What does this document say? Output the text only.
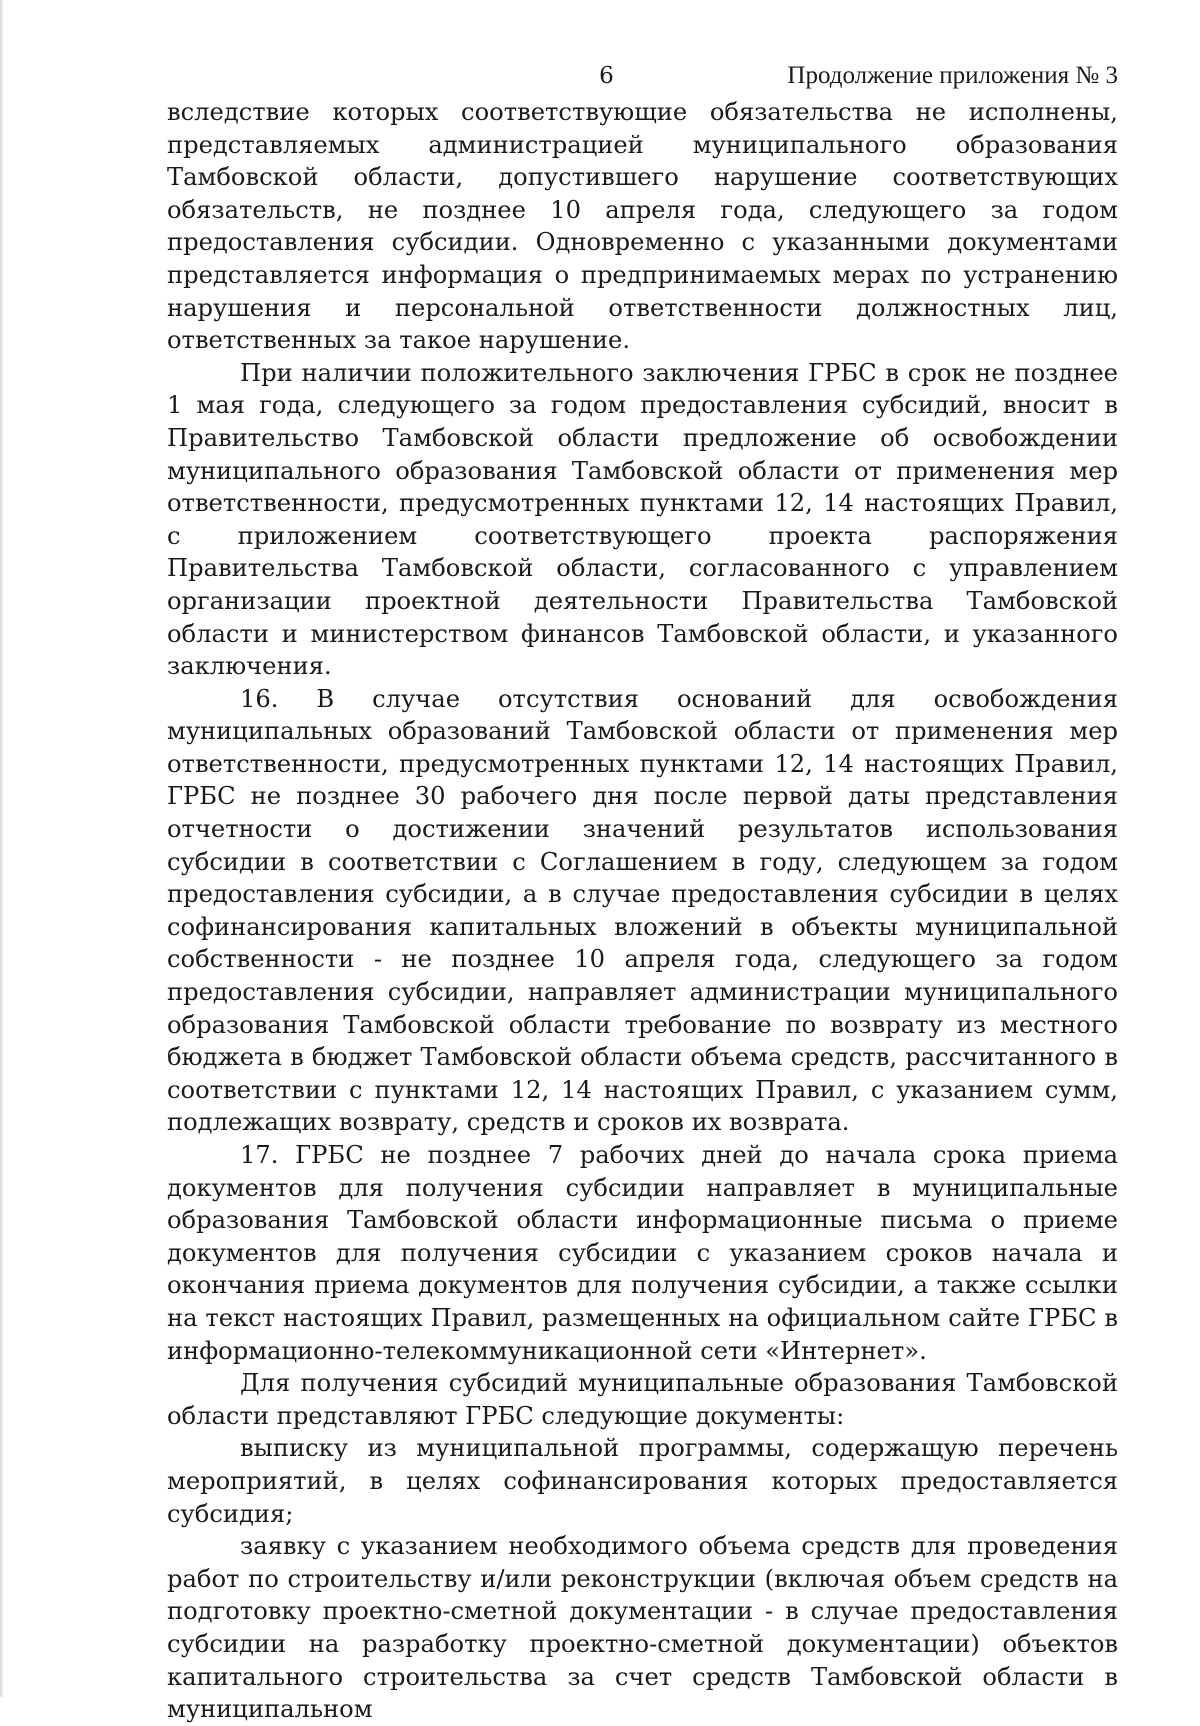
6	Продолжение приложения № 3

вследствие которых соответствующие обязательства не исполнены, представляемых администрацией муниципального образования Тамбовской области, допустившего нарушение соответствующих обязательств, не позднее 10 апреля года, следующего за годом предоставления субсидии. Одновременно с указанными документами представляется информация о предпринимаемых мерах по устранению нарушения и персональной ответственности должностных лиц, ответственных за такое нарушение.

При наличии положительного заключения ГРБС в срок не позднее 1 мая года, следующего за годом предоставления субсидий, вносит в Правительство Тамбовской области предложение об освобождении муниципального образования Тамбовской области от применения мер ответственности, предусмотренных пунктами 12, 14 настоящих Правил, с приложением соответствующего проекта распоряжения Правительства Тамбовской области, согласованного с управлением организации проектной деятельности Правительства Тамбовской области и министерством финансов Тамбовской области, и указанного заключения.

16. В случае отсутствия оснований для освобождения муниципальных образований Тамбовской области от применения мер ответственности, предусмотренных пунктами 12, 14 настоящих Правил, ГРБС не позднее 30 рабочего дня после первой даты представления отчетности о достижении значений результатов использования субсидии в соответствии с Соглашением в году, следующем за годом предоставления субсидии, а в случае предоставления субсидии в целях софинансирования капитальных вложений в объекты муниципальной собственности - не позднее 10 апреля года, следующего за годом предоставления субсидии, направляет администрации муниципального образования Тамбовской области требование по возврату из местного бюджета в бюджет Тамбовской области объема средств, рассчитанного в соответствии с пунктами 12, 14 настоящих Правил, с указанием сумм, подлежащих возврату, средств и сроков их возврата.

17. ГРБС не позднее 7 рабочих дней до начала срока приема документов для получения субсидии направляет в муниципальные образования Тамбовской области информационные письма о приеме документов для получения субсидии с указанием сроков начала и окончания приема документов для получения субсидии, а также ссылки на текст настоящих Правил, размещенных на официальном сайте ГРБС в информационно-телекоммуникационной сети «Интернет».

Для получения субсидий муниципальные образования Тамбовской области представляют ГРБС следующие документы:

выписку из муниципальной программы, содержащую перечень мероприятий, в целях софинансирования которых предоставляется субсидия;

заявку с указанием необходимого объема средств для проведения работ по строительству и/или реконструкции (включая объем средств на подготовку проектно-сметной документации - в случае предоставления субсидии на разработку проектно-сметной документации) объектов капитального строительства за счет средств Тамбовской области в муниципальном
